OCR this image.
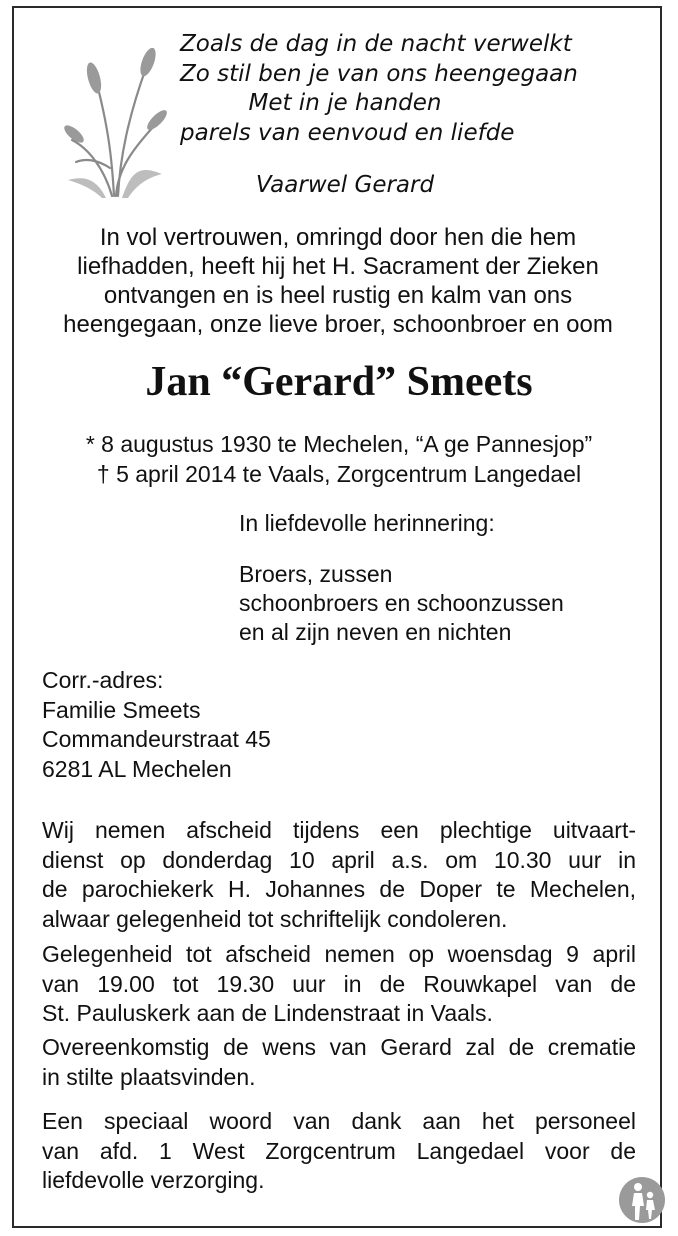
Zoals de dag in de nacht verwelkt
Zo stil ben je van ons heengegaan
Met in je handen
parels van eenvoud en liefde
Vaarwel Gerard
In vol vertrouwen, omringd door hen die hem
liefhadden, heeft hij het H. Sacrament der Zieken
ontvangen en is heel rustig en kalm van ons
heengegaan, onze lieve broer, schoonbroer en oom
Jan “Gerard” Smeets
* 8 augustus 1930 te Mechelen, “A ge Pannesjop”
† 5 april 2014 te Vaals, Zorgcentrum Langedael
In liefdevolle herinnering:
Broers, zussen
schoonbroers en schoonzussen
en al zijn neven en nichten
Corr.-adres:
Familie Smeets
Commandeurstraat 45
6281 AL Mechelen
Wij nemen afscheid tijdens een plechtige uitvaart-
dienst op donderdag 10 april a.s. om 10.30 uur in
de parochiekerk H. Johannes de Doper te Mechelen,
alwaar gelegenheid tot schriftelijk condoleren.
Gelegenheid tot afscheid nemen op woensdag 9 april
van 19.00 tot 19.30 uur in de Rouwkapel van de
St. Pauluskerk aan de Lindenstraat in Vaals.
Overeenkomstig de wens van Gerard zal de crematie
in stilte plaatsvinden.
Een speciaal woord van dank aan het personeel
van afd. 1 West Zorgcentrum Langedael voor de
liefdevolle verzorging.
